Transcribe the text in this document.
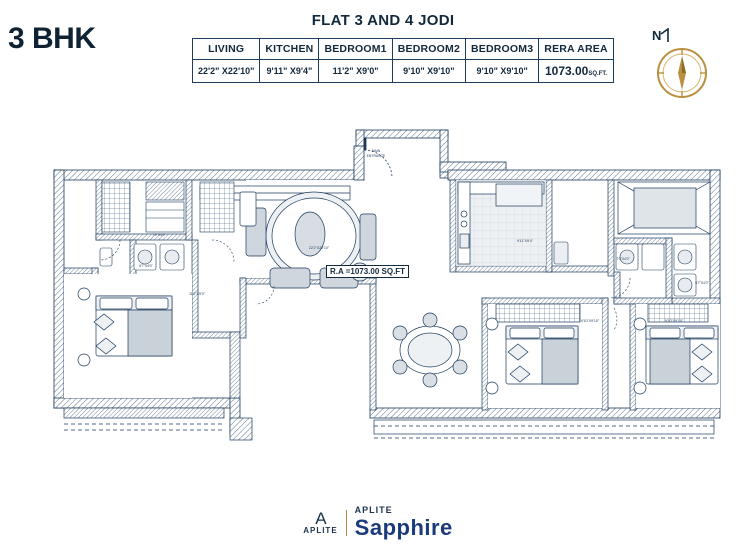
3 BHK
FLAT 3 AND 4 JODI
LIVING	KITCHEN	BEDROOM1	BEDROOM2	BEDROOM3	RERA AREA
22'2" X22'10"	9'11" X9'4"	11'2" X9'0"	9'10" X9'10"	9'10" X9'10"	1073.00SQ.FT.
N
MAIN
ENTRANCE
11'2"X9'0"
22'2"X22'10"
9'11"X9'4"
9'10"X9'10"	9'10"X9'10"
7'0"X4'0"
6'7"X4'0"
7'0"X4'0"
6'7"X4'0"
R.A =1073.00 SQ.FT
A
APLITE
APLITE
Sapphire
